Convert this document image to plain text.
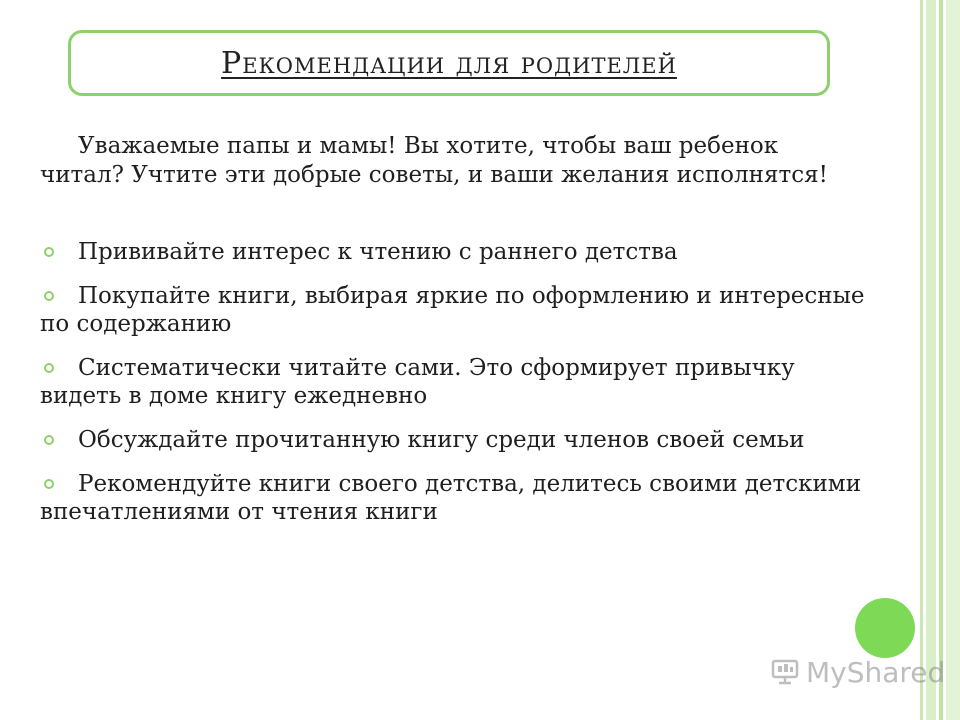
Рекомендации для родителей

Уважаемые папы и мамы! Вы хотите, чтобы ваш ребенок читал? Учтите эти добрые советы, и ваши желания исполнятся!

Прививайте интерес к чтению с раннего детства
Покупайте книги, выбирая яркие по оформлению и интересные по содержанию
Систематически читайте сами. Это сформирует привычку видеть в доме книгу ежедневно
Обсуждайте прочитанную книгу среди членов своей семьи
Рекомендуйте книги своего детства, делитесь своими детскими впечатлениями от чтения книги
MyShared
